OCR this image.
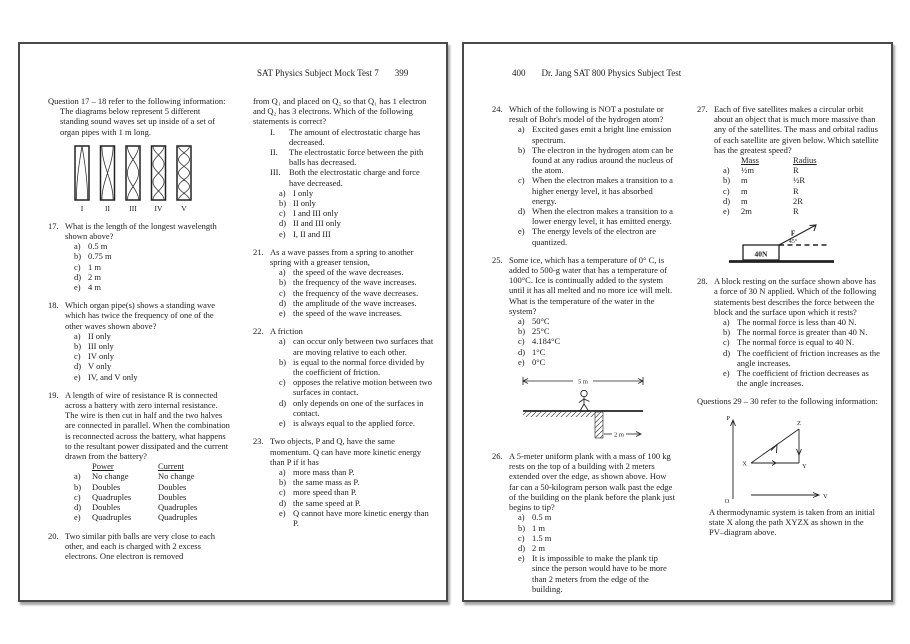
SAT Physics Subject Mock Test 7 399
Question 17 – 18 refer to the following information:
The diagrams below represent 5 different standing sound waves set up inside of a set of organ pipes with 1 m long.
I	II	III IV	V
17. What is the length of the longest wavelength shown above?
a) 0.5 m
b) 0.75 m
c) 1 m
d) 2 m
e) 4 m
18. Which organ pipe(s) shows a standing wave which has twice the frequency of one of the other waves shown above?
a) II only
b) III only
c) IV only
d) V only
e) IV, and V only
19. A length of wire of resistance R is connected across a battery with zero internal resistance. The wire is then cut in half and the two halves are connected in parallel. When the combination is reconnected across the battery, what happens to the resultant power dissipated and the current drawn from the battery?
Power	Current
a)	No change	No change
b)	Doubles	Doubles
c)	Quadruples	Doubles
d)	Doubles	Quadruples
e)	Quadruples	Quadruples
20. Two similar pith balls are very close to each other, and each is charged with 2 excess electrons. One electron is removed
from Q₁ and placed on Q₂ so that Q₁ has 1 electron and Q₂ has 3 electrons. Which of the following statements is correct?
I.	The amount of electrostatic charge has decreased.
II.	The electrostatic force between the pith balls has decreased.
III. Both the electrostatic charge and force have decreased.
a) I only
b) II only
c) I and III only
d) II and III only
e) I, II and III
21. As a wave passes from a spring to another spring with a greaser tension,
a) the speed of the wave decreases.
b) the frequency of the wave increases.
c) the frequency of the wave decreases.
d) the amplitude of the wave increases.
e) the speed of the wave increases.
22. A friction
a) can occur only between two surfaces that are moving relative to each other.
b) is equal to the normal force divided by the coefficient of friction.
c) opposes the relative motion between two surfaces in contact.
d) only depends on one of the surfaces in contact.
e) is always equal to the applied force.
23. Two objects, P and Q, have the same momentum. Q can have more kinetic energy than P if it has
a) more mass than P.
b) the same mass as P.
c) more speed than P.
d) the same speed at P.
e) Q cannot have more kinetic energy than P.
400 Dr. Jang SAT 800 Physics Subject Test
24. Which of the following is NOT a postulate or result of Bohr's model of the hydrogen atom?
a) Excited gases emit a bright line emission spectrum.
b) The electron in the hydrogen atom can be found at any radius around the nucleus of the atom.
c) When the electron makes a transition to a higher energy level, it has absorbed energy.
d) When the electron makes a transition to a lower energy level, it has emitted energy.
e) The energy levels of the electron are quantized.
25. Some ice, which has a temperature of 0° C, is added to 500-g water that has a temperature of 100°C. Ice is continually added to the system until it has all melted and no more ice will melt. What is the temperature of the water in the system?
a) 50°C
b) 25°C
c) 4.184°C
d) 1°C
e) 0°C
5 m
2 m
26. A 5-meter uniform plank with a mass of 100 kg rests on the top of a building with 2 meters extended over the edge, as shown above. How far can a 50-kilogram person walk past the edge of the building on the plank before the plank just begins to tip?
a) 0.5 m
b) 1 m
c) 1.5 m
d) 2 m
e) It is impossible to make the plank tip since the person would have to be more than 2 meters from the edge of the building.
27. Each of five satellites makes a circular orbit about an object that is much more massive than any of the satellites. The mass and orbital radius of each satellite are given below. Which satellite has the greatest speed?
Mass	Radius
a)	½m	R
b)	m	½R
c)	m	R
d)	m	2R
e)	2m	R
40N
F
45°
28. A block resting on the surface shown above has a force of 30 N applied. Which of the following statements best describes the force between the block and the surface upon which it rests?
a) The normal force is less than 40 N.
b) The normal force is greater than 40 N.
c) The normal force is equal to 40 N.
d) The coefficient of friction increases as the angle increases.
e) The coefficient of friction decreases as the angle increases.
Questions 29 – 30 refer to the following information:
P
O
V
X	Y
Z
A thermodynamic system is taken from an initial state X along the path XYZX as shown in the PV–diagram above.
